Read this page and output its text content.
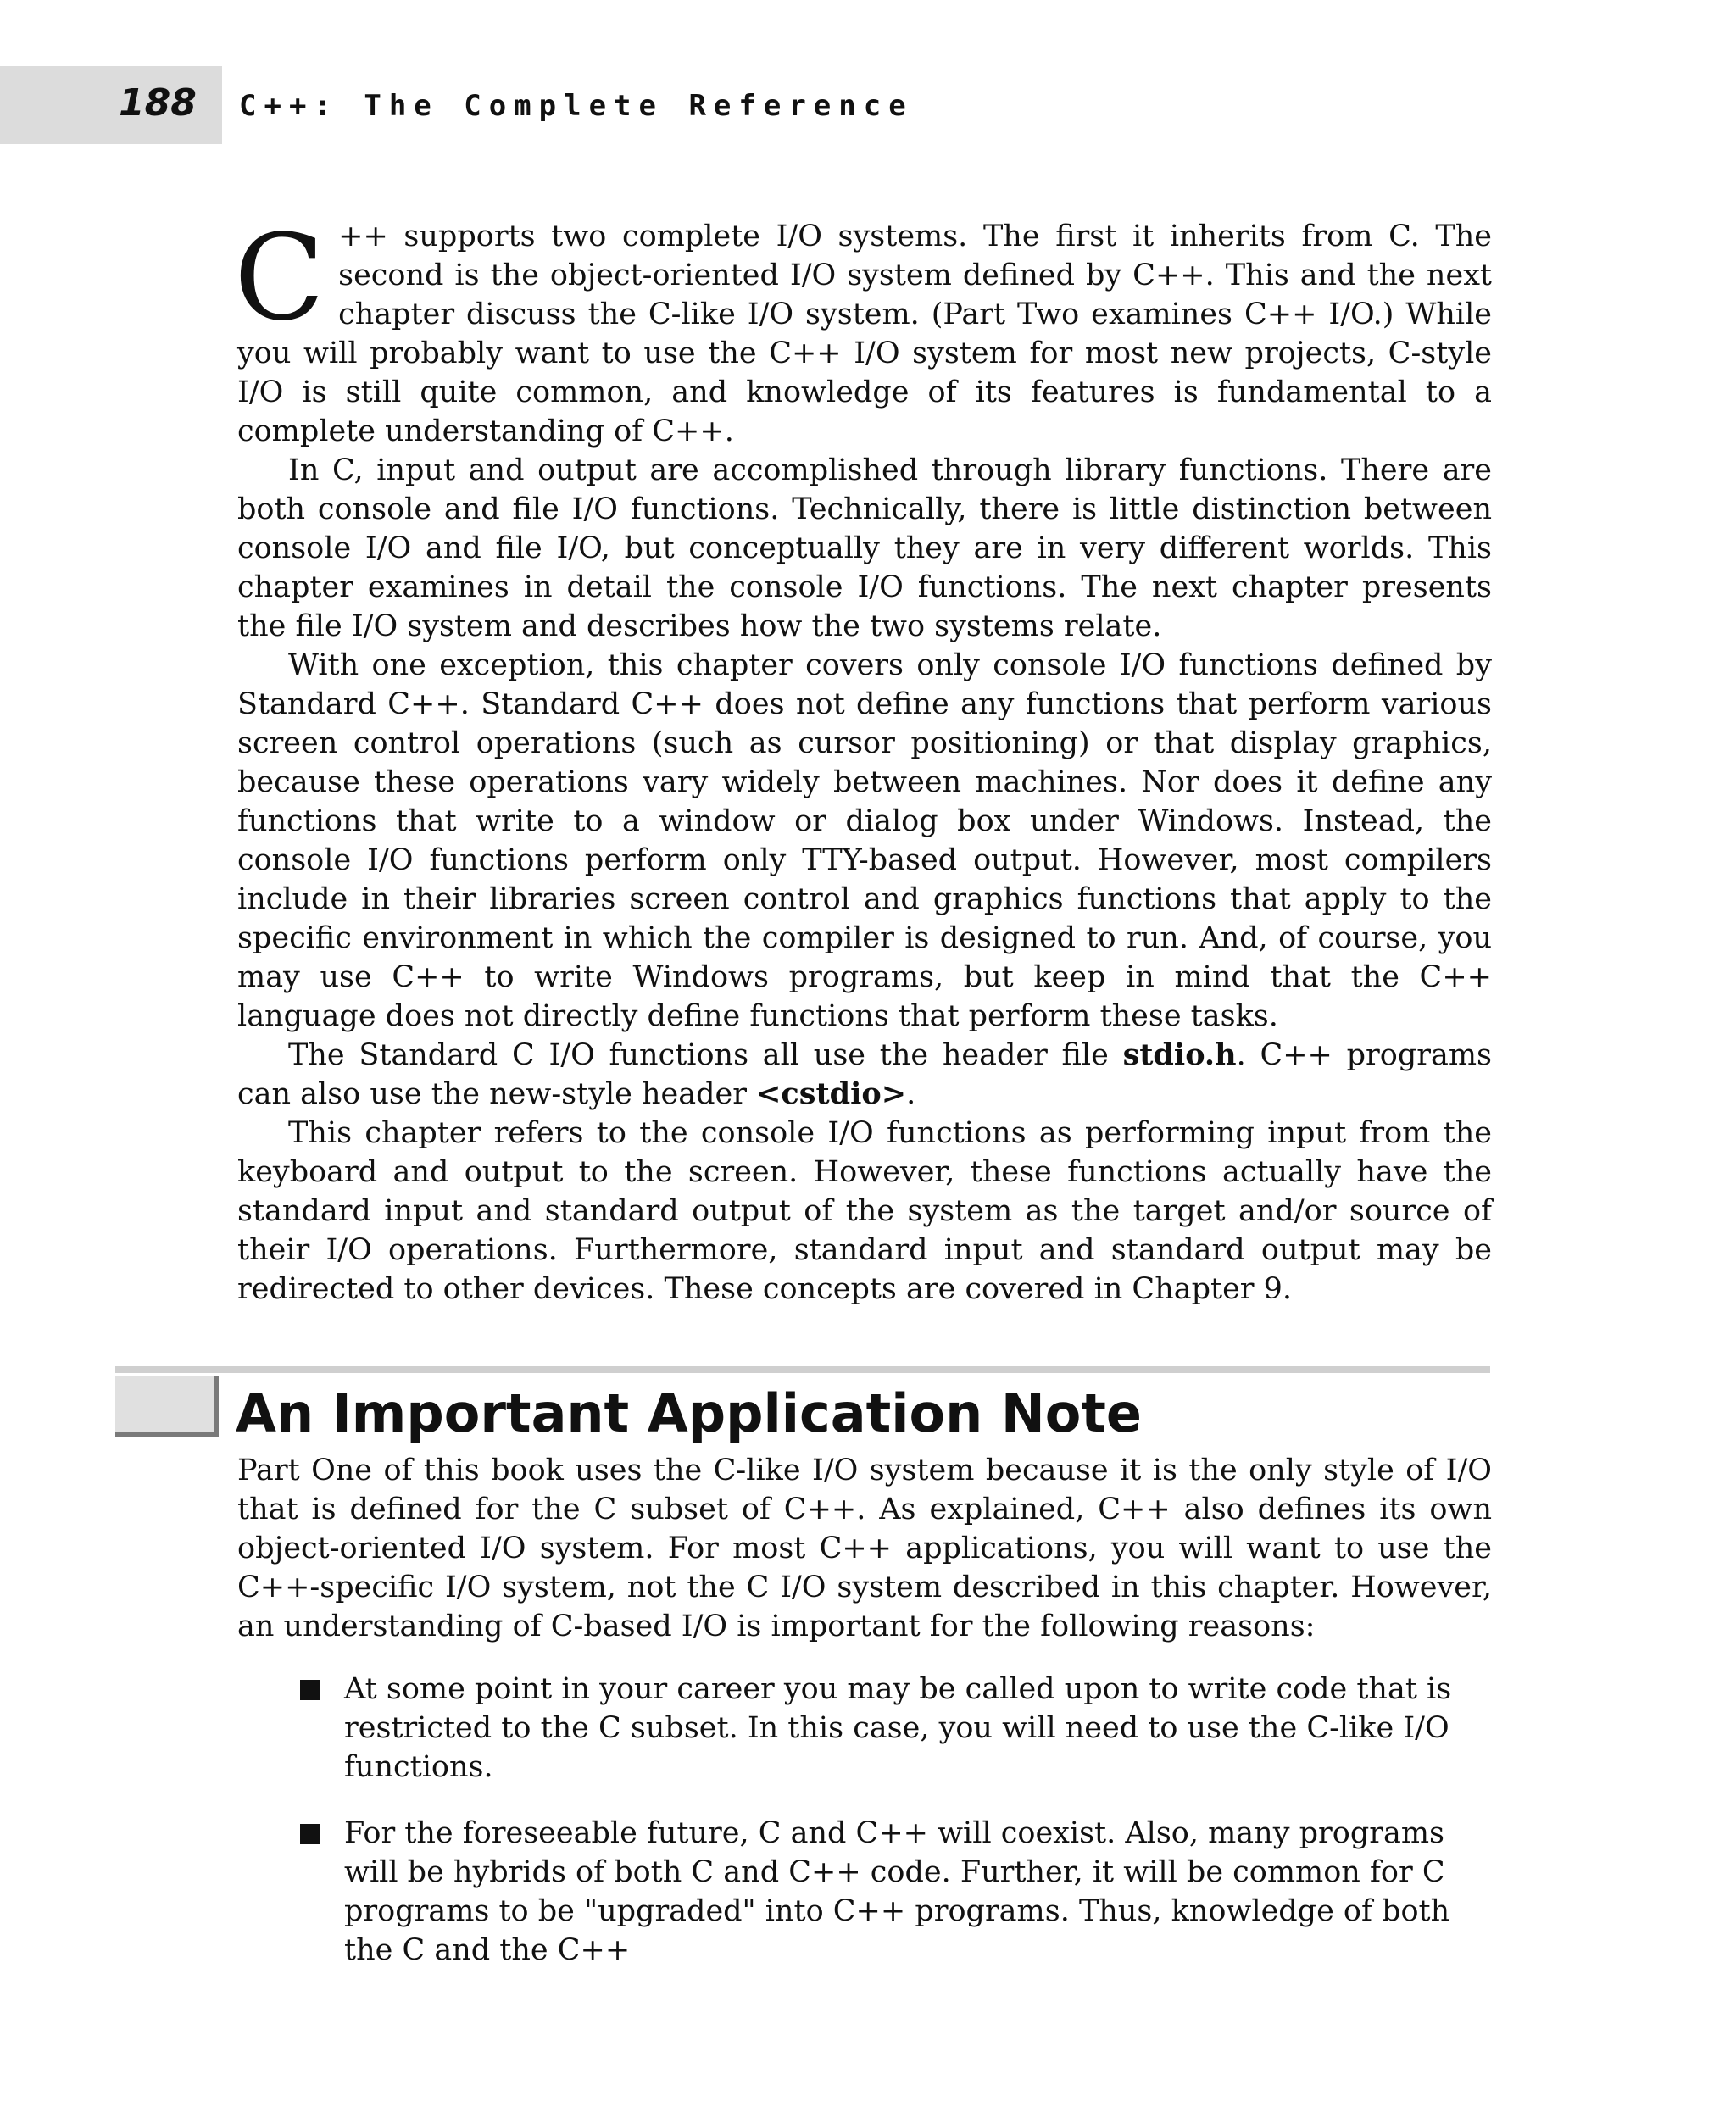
188 C++: The Complete Reference

C ++ supports two complete I/O systems. The first it inherits from C. The second is the object-oriented I/O system defined by C++. This and the next chapter discuss the C-like I/O system. (Part Two examines C++ I/O.) While you will probably want to use the C++ I/O system for most new projects, C-style I/O is still quite common, and knowledge of its features is fundamental to a complete understanding of C++.

In C, input and output are accomplished through library functions. There are both console and file I/O functions. Technically, there is little distinction between console I/O and file I/O, but conceptually they are in very different worlds. This chapter examines in detail the console I/O functions. The next chapter presents the file I/O system and describes how the two systems relate.

With one exception, this chapter covers only console I/O functions defined by Standard C++. Standard C++ does not define any functions that perform various screen control operations (such as cursor positioning) or that display graphics, because these operations vary widely between machines. Nor does it define any functions that write to a window or dialog box under Windows. Instead, the console I/O functions perform only TTY-based output. However, most compilers include in their libraries screen control and graphics functions that apply to the specific environment in which the compiler is designed to run. And, of course, you may use C++ to write Windows programs, but keep in mind that the C++ language does not directly define functions that perform these tasks.

The Standard C I/O functions all use the header file stdio.h. C++ programs can also use the new-style header <cstdio>.

This chapter refers to the console I/O functions as performing input from the keyboard and output to the screen. However, these functions actually have the standard input and standard output of the system as the target and/or source of their I/O operations. Furthermore, standard input and standard output may be redirected to other devices. These concepts are covered in Chapter 9.

An Important Application Note

Part One of this book uses the C-like I/O system because it is the only style of I/O that is defined for the C subset of C++. As explained, C++ also defines its own object-oriented I/O system. For most C++ applications, you will want to use the C++-specific I/O system, not the C I/O system described in this chapter. However, an understanding of C-based I/O is important for the following reasons:

At some point in your career you may be called upon to write code that is restricted to the C subset. In this case, you will need to use the C-like I/O functions.
For the foreseeable future, C and C++ will coexist. Also, many programs will be hybrids of both C and C++ code. Further, it will be common for C programs to be "upgraded" into C++ programs. Thus, knowledge of both the C and the C++
